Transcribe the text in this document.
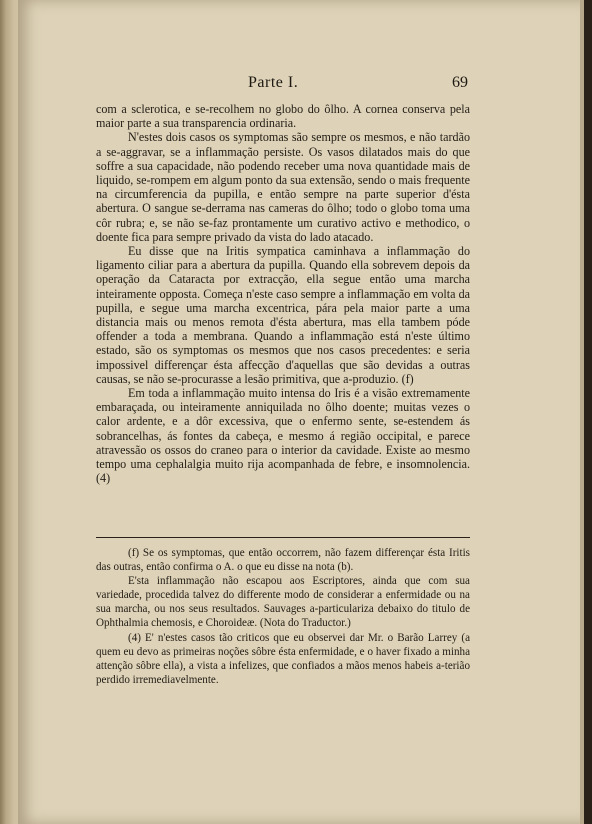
Parte I.	69

com a sclerotica, e se-recolhem no globo do ôlho. A cornea conserva pela maior parte a sua transparencia ordinaria.

N'estes dois casos os symptomas são sempre os mesmos, e não tardão a se-aggravar, se a inflammação persiste. Os vasos dilatados mais do que soffre a sua capacidade, não podendo receber uma nova quantidade mais de liquido, se-rompem em algum ponto da sua extensão, sendo o mais frequente na circumferencia da pupilla, e então sempre na parte superior d'ésta abertura. O sangue se-derrama nas cameras do ôlho; todo o globo toma uma côr rubra; e, se não se-faz prontamente um curativo activo e methodico, o doente fica para sempre privado da vista do lado atacado.

Eu disse que na Iritis sympatica caminhava a inflammação do ligamento ciliar para a abertura da pupilla. Quando ella sobrevem depois da operação da Cataracta por extracção, ella segue então uma marcha inteiramente opposta. Começa n'este caso sempre a inflammação em volta da pupilla, e segue uma marcha excentrica, pára pela maior parte a uma distancia mais ou menos remota d'ésta abertura, mas ella tambem póde offender a toda a membrana. Quando a inflammação está n'este último estado, são os symptomas os mesmos que nos casos precedentes: e seria impossivel differençar ésta affecção d'aquellas que são devidas a outras causas, se não se-procurasse a lesão primitiva, que a-produzio. (f)

Em toda a inflammação muito intensa do Iris é a visão extremamente embaraçada, ou inteiramente anniquilada no ôlho doente; muitas vezes o calor ardente, e a dôr excessiva, que o enfermo sente, se-estendem ás sobrancelhas, ás fontes da cabeça, e mesmo á região occipital, e parece atravessão os ossos do craneo para o interior da cavidade. Existe ao mesmo tempo uma cephalalgia muito rija acompanhada de febre, e insomnolencia. (4)

(f) Se os symptomas, que então occorrem, não fazem differençar ésta Iritis das outras, então confirma o A. o que eu disse na nota (b).

E'sta inflammação não escapou aos Escriptores, ainda que com sua variedade, procedida talvez do differente modo de considerar a enfermidade ou na sua marcha, ou nos seus resultados. Sauvages a-particulariza debaixo do titulo de Ophthalmia chemosis, e Choroideæ. (Nota do Traductor.)

(4) E' n'estes casos tão criticos que eu observei dar Mr. o Barão Larrey (a quem eu devo as primeiras noções sôbre ésta enfermidade, e o haver fixado a minha attenção sôbre ella), a vista a infelizes, que confiados a mãos menos habeis a-terião perdido irremediavelmente.
